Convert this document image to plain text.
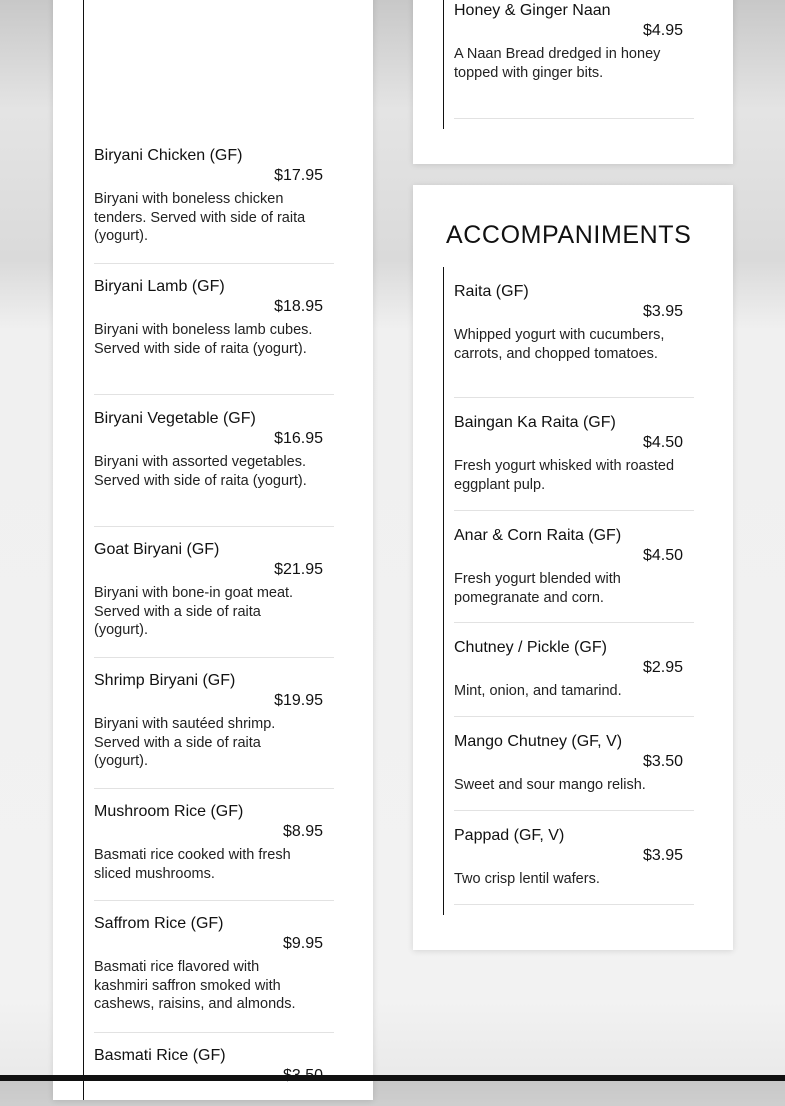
Biryani Chicken (GF)
$17.95
Biryani with boneless chicken tenders. Served with side of raita (yogurt).
Biryani Lamb (GF)
$18.95
Biryani with boneless lamb cubes. Served with side of raita (yogurt).
Biryani Vegetable (GF)
$16.95
Biryani with assorted vegetables. Served with side of raita (yogurt).
Goat Biryani (GF)
$21.95
Biryani with bone-in goat meat. Served with a side of raita (yogurt).
Shrimp Biryani (GF)
$19.95
Biryani with sautéed shrimp. Served with a side of raita (yogurt).
Mushroom Rice (GF)
$8.95
Basmati rice cooked with fresh sliced mushrooms.
Saffrom Rice (GF)
$9.95
Basmati rice flavored with kashmiri saffron smoked with cashews, raisins, and almonds.
Basmati Rice (GF)
Honey & Ginger Naan
$4.95
A Naan Bread dredged in honey topped with ginger bits.
ACCOMPANIMENTS
Raita (GF)
$3.95
Whipped yogurt with cucumbers, carrots, and chopped tomatoes.
Baingan Ka Raita (GF)
$4.50
Fresh yogurt whisked with roasted eggplant pulp.
Anar & Corn Raita (GF)
$4.50
Fresh yogurt blended with pomegranate and corn.
Chutney / Pickle (GF)
$2.95
Mint, onion, and tamarind.
Mango Chutney (GF, V)
$3.50
Sweet and sour mango relish.
Pappad (GF, V)
$3.95
Two crisp lentil wafers.
